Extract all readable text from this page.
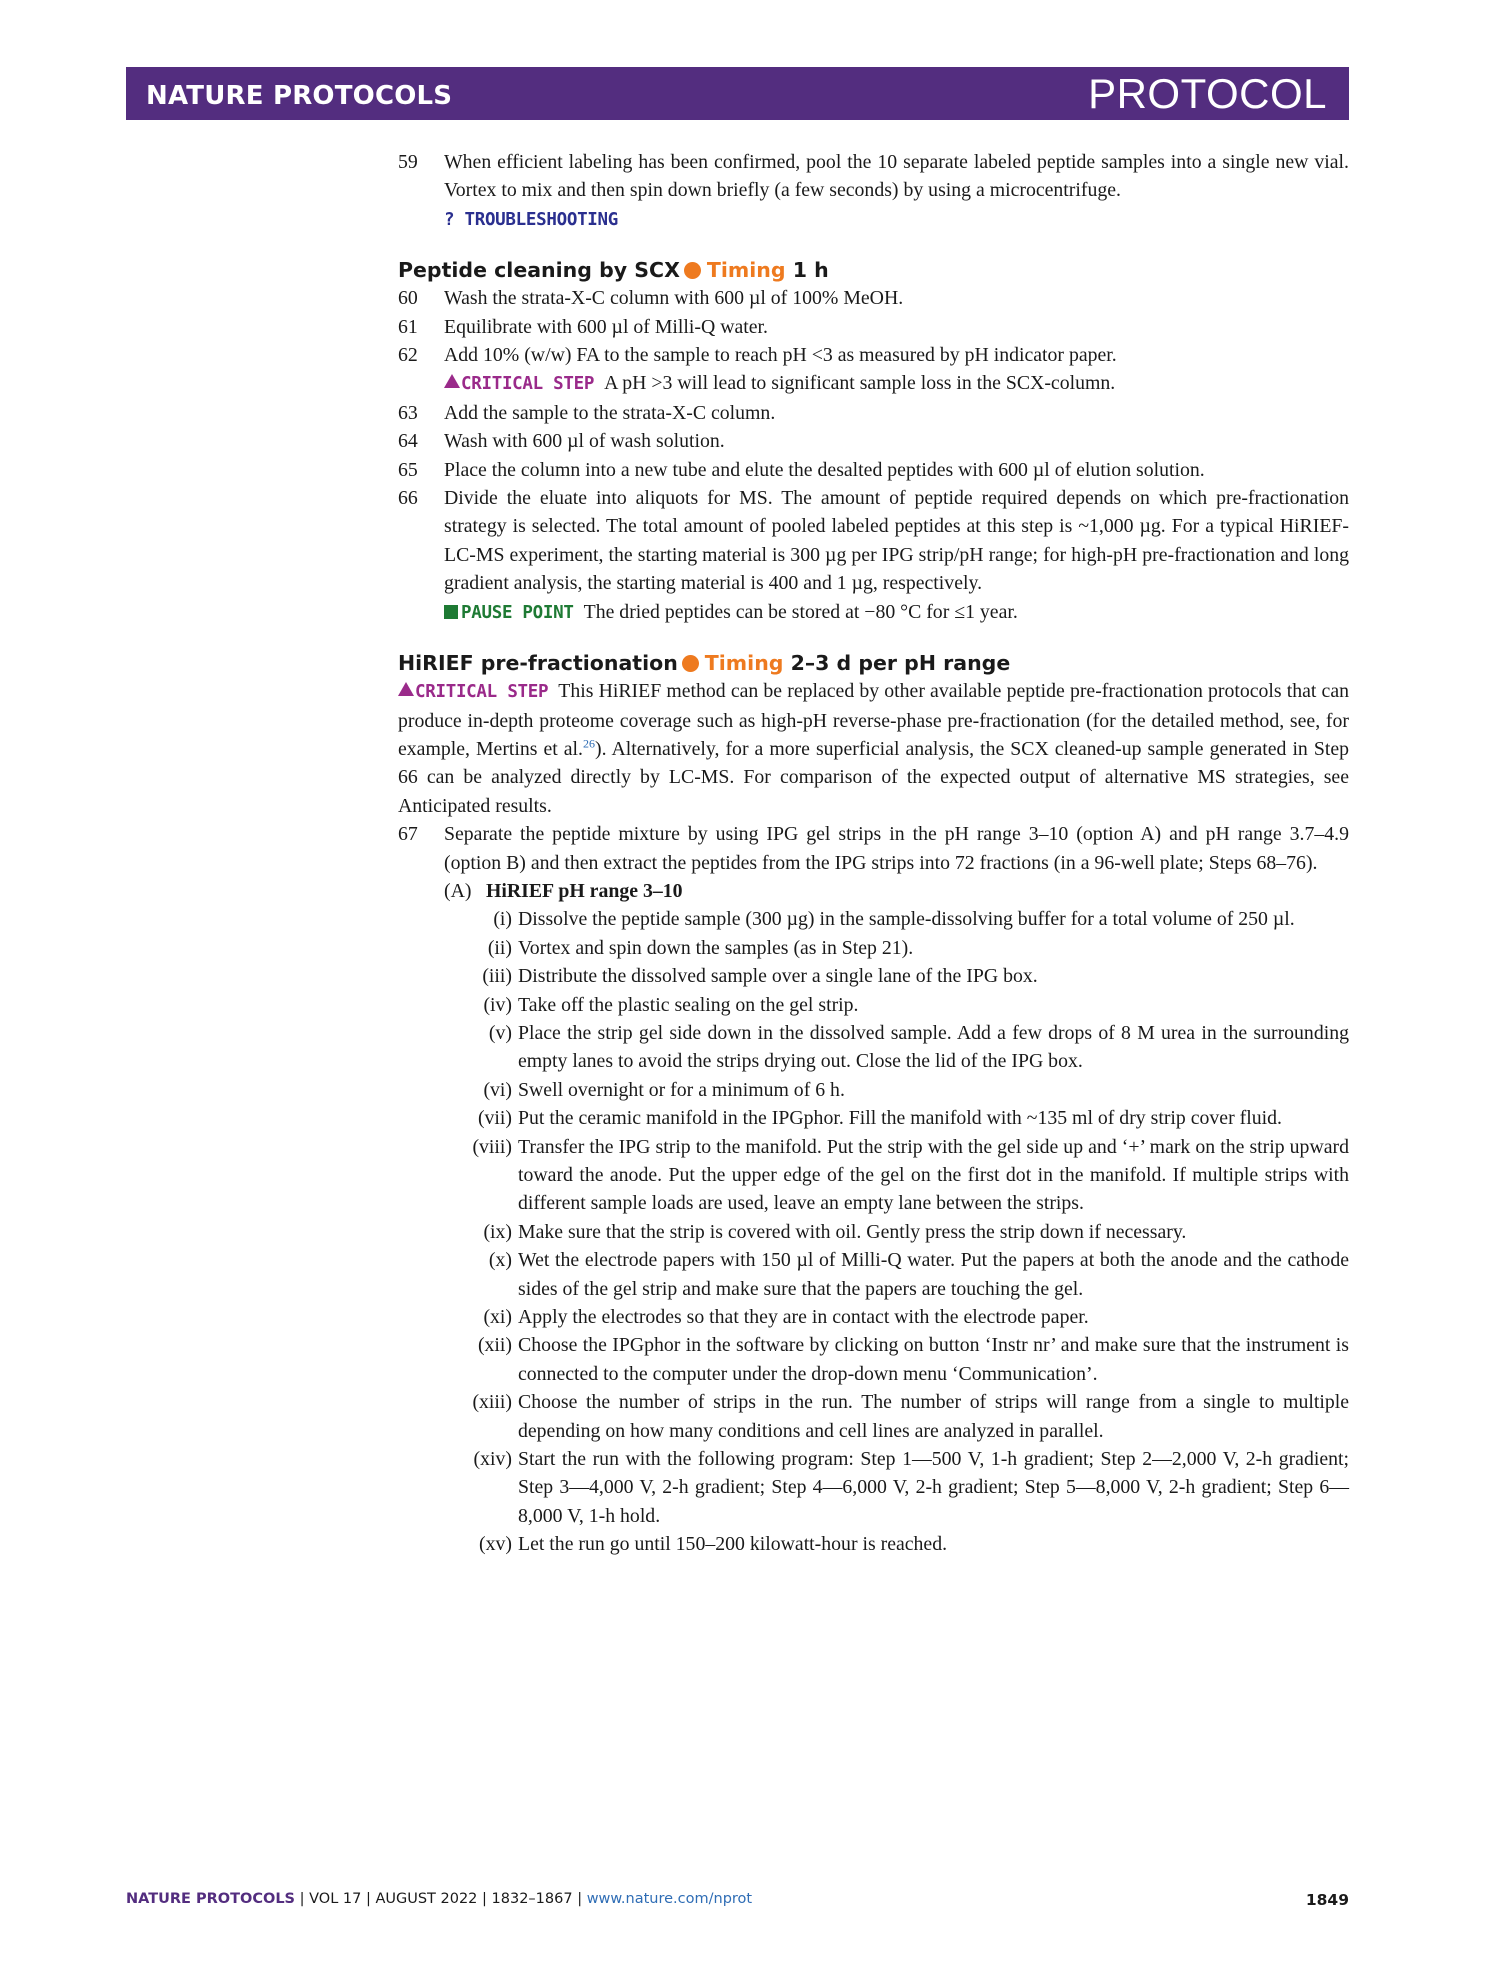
NATURE PROTOCOLS	PROTOCOL
59	When efficient labeling has been confirmed, pool the 10 separate labeled peptide samples into a single new vial. Vortex to mix and then spin down briefly (a few seconds) by using a microcentrifuge.
? TROUBLESHOOTING
Peptide cleaning by SCX Timing 1 h
60	Wash the strata-X-C column with 600 µl of 100% MeOH.
61	Equilibrate with 600 µl of Milli-Q water.
62	Add 10% (w/w) FA to the sample to reach pH <3 as measured by pH indicator paper.
CRITICAL STEP A pH >3 will lead to significant sample loss in the SCX-column.
63	Add the sample to the strata-X-C column.
64	Wash with 600 µl of wash solution.
65	Place the column into a new tube and elute the desalted peptides with 600 µl of elution solution.
66	Divide the eluate into aliquots for MS. The amount of peptide required depends on which pre-fractionation strategy is selected. The total amount of pooled labeled peptides at this step is ~1,000 µg. For a typical HiRIEF-LC-MS experiment, the starting material is 300 µg per IPG strip/pH range; for high-pH pre-fractionation and long gradient analysis, the starting material is 400 and 1 µg, respectively.
PAUSE POINT The dried peptides can be stored at −80 °C for ≤1 year.
HiRIEF pre-fractionation Timing 2–3 d per pH range
CRITICAL STEP This HiRIEF method can be replaced by other available peptide pre-fractionation protocols that can produce in-depth proteome coverage such as high-pH reverse-phase pre-fractionation (for the detailed method, see, for example, Mertins et al.$^{26}$). Alternatively, for a more superficial analysis, the SCX cleaned-up sample generated in Step 66 can be analyzed directly by LC-MS. For comparison of the expected output of alternative MS strategies, see Anticipated results.
67	Separate the peptide mixture by using IPG gel strips in the pH range 3–10 (option A) and pH range 3.7–4.9 (option B) and then extract the peptides from the IPG strips into 72 fractions (in a 96-well plate; Steps 68–76).
(A) HiRIEF pH range 3–10
(i) Dissolve the peptide sample (300 µg) in the sample-dissolving buffer for a total volume of 250 µl.
(ii) Vortex and spin down the samples (as in Step 21).
(iii) Distribute the dissolved sample over a single lane of the IPG box.
(iv) Take off the plastic sealing on the gel strip.
(v) Place the strip gel side down in the dissolved sample. Add a few drops of 8 M urea in the surrounding empty lanes to avoid the strips drying out. Close the lid of the IPG box.
(vi) Swell overnight or for a minimum of 6 h.
(vii) Put the ceramic manifold in the IPGphor. Fill the manifold with ~135 ml of dry strip cover fluid.
(viii) Transfer the IPG strip to the manifold. Put the strip with the gel side up and ‘+’ mark on the strip upward toward the anode. Put the upper edge of the gel on the first dot in the manifold. If multiple strips with different sample loads are used, leave an empty lane between the strips.
(ix) Make sure that the strip is covered with oil. Gently press the strip down if necessary.
(x) Wet the electrode papers with 150 µl of Milli-Q water. Put the papers at both the anode and the cathode sides of the gel strip and make sure that the papers are touching the gel.
(xi) Apply the electrodes so that they are in contact with the electrode paper.
(xii) Choose the IPGphor in the software by clicking on button ‘Instr nr’ and make sure that the instrument is connected to the computer under the drop-down menu ‘Communication’.
(xiii) Choose the number of strips in the run. The number of strips will range from a single to multiple depending on how many conditions and cell lines are analyzed in parallel.
(xiv) Start the run with the following program: Step 1—500 V, 1-h gradient; Step 2—2,000 V, 2-h gradient; Step 3—4,000 V, 2-h gradient; Step 4—6,000 V, 2-h gradient; Step 5—8,000 V, 2-h gradient; Step 6—8,000 V, 1-h hold.
(xv) Let the run go until 150–200 kilowatt-hour is reached.
NATURE PROTOCOLS | VOL 17 | AUGUST 2022 | 1832–1867 | www.nature.com/nprot	1849
